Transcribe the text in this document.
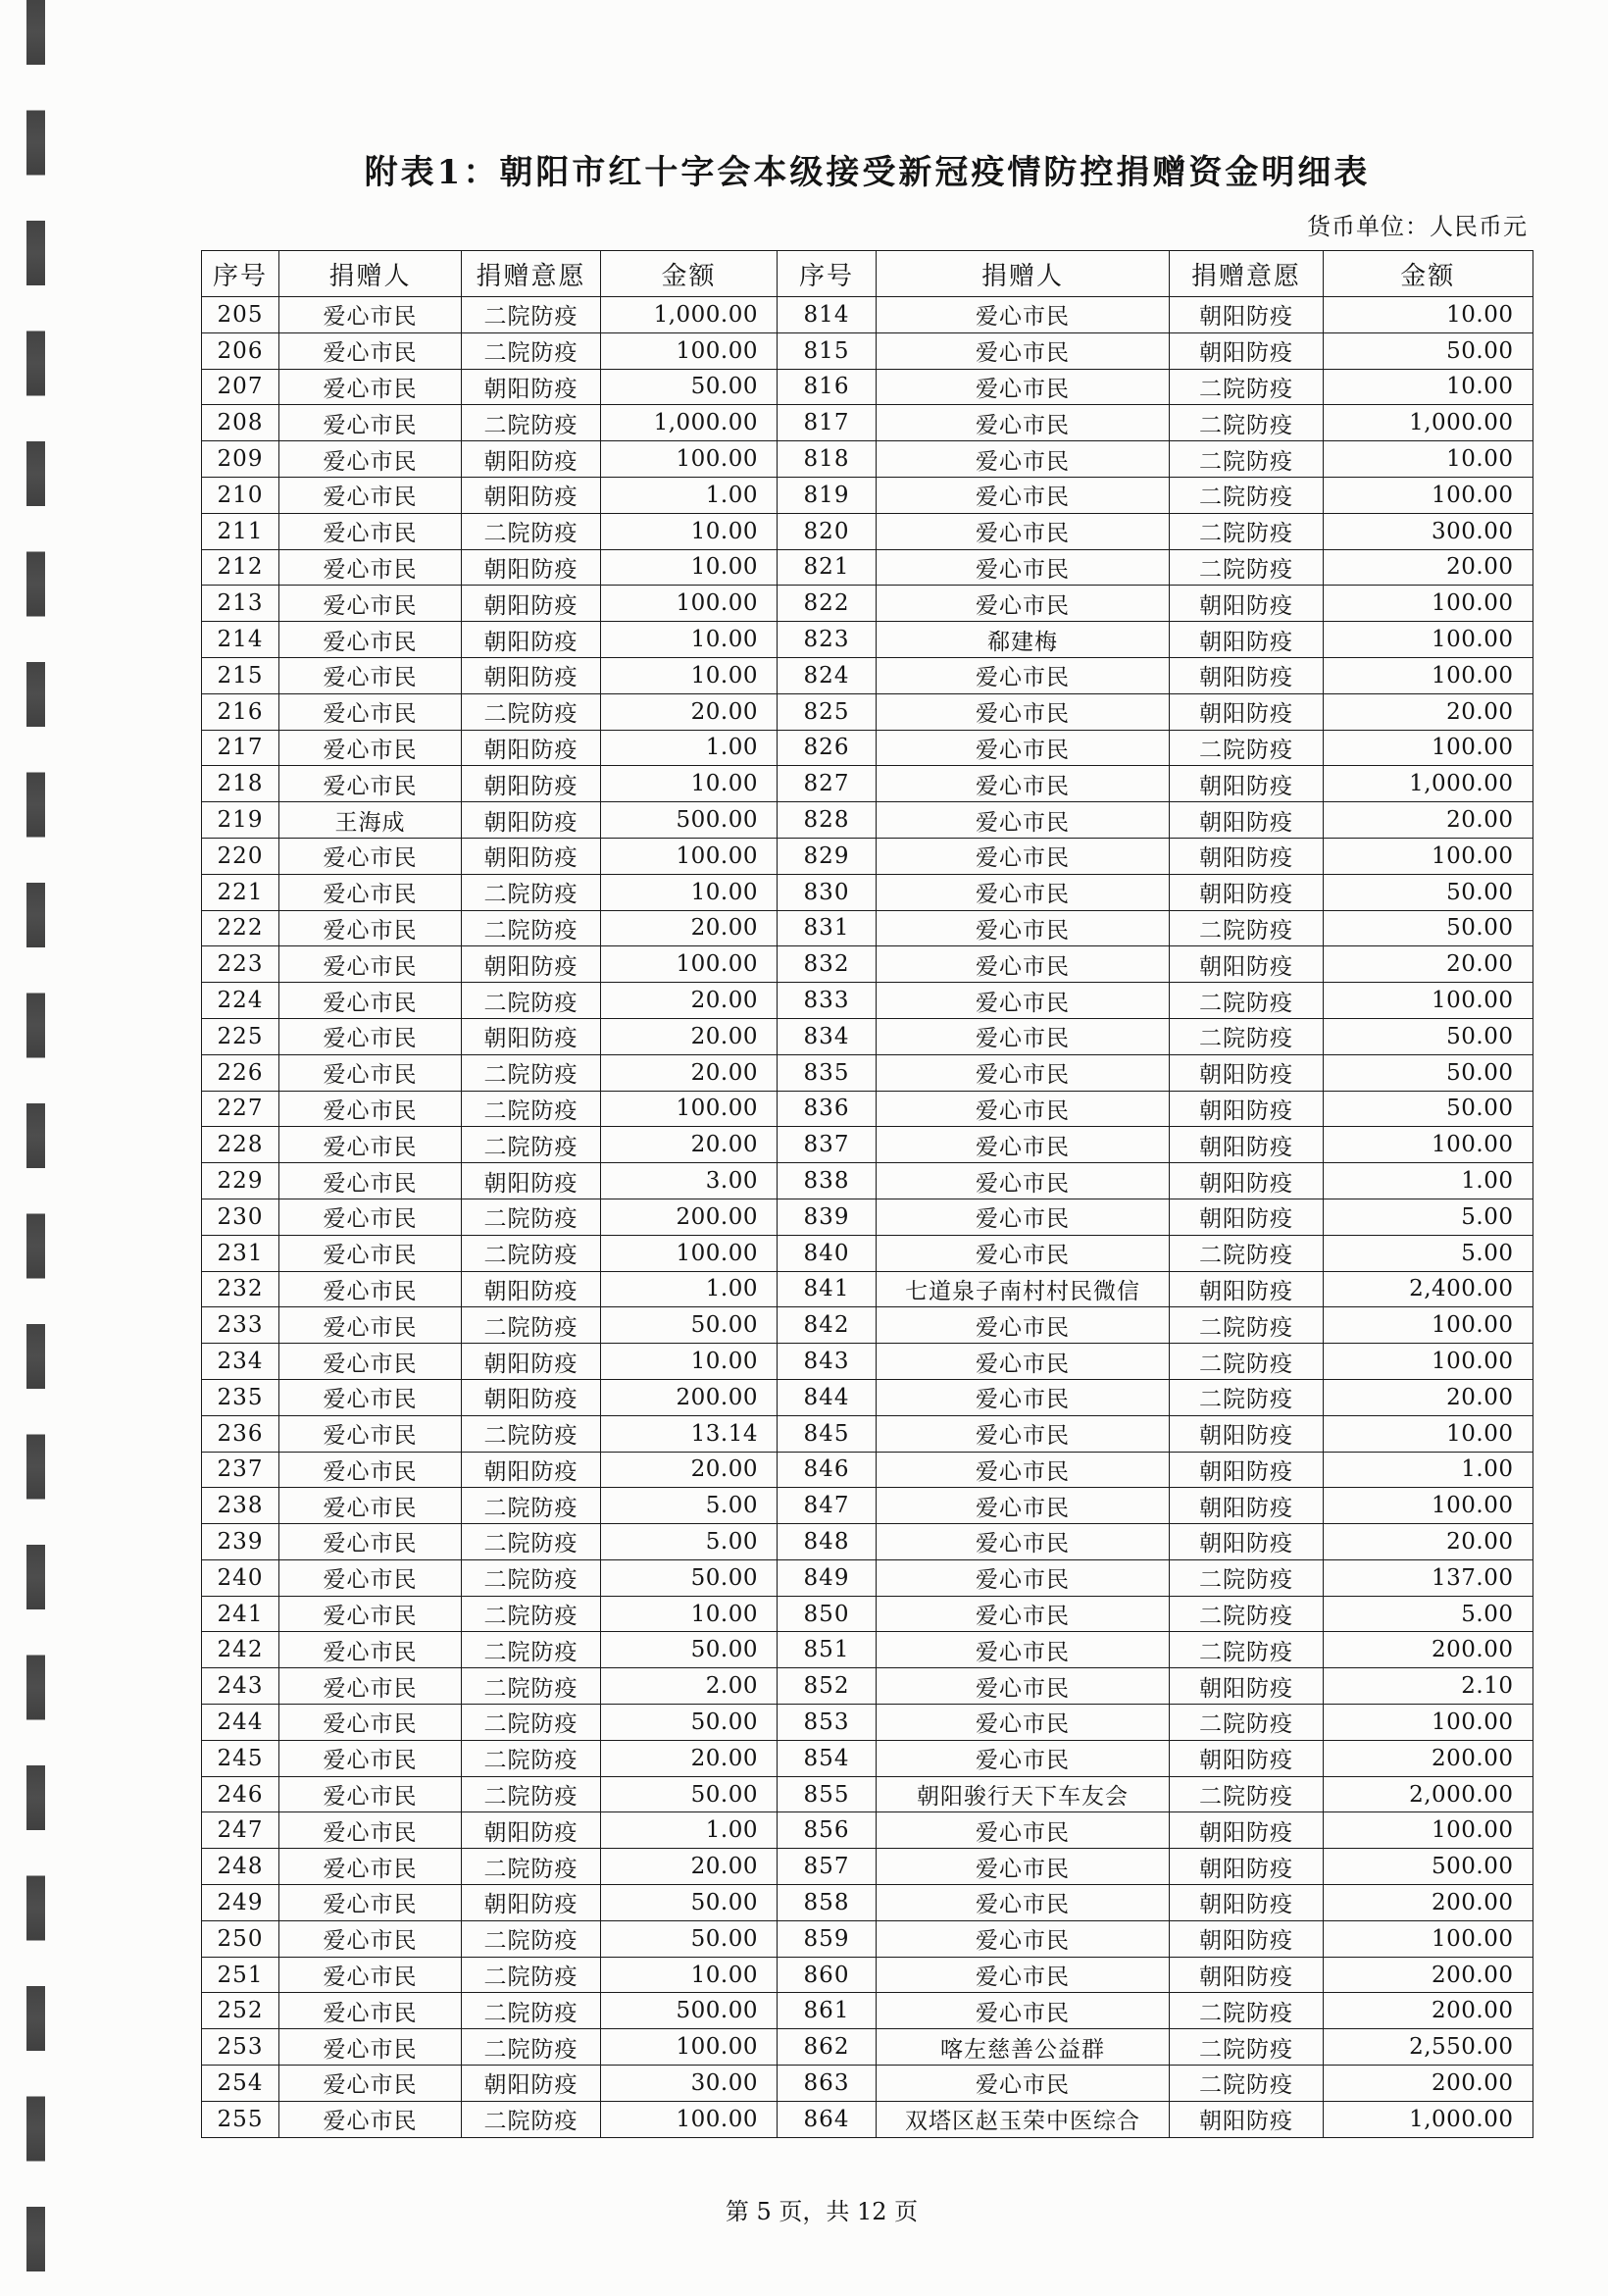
附表1：朝阳市红十字会本级接受新冠疫情防控捐赠资金明细表
货币单位：人民币元
序号	捐赠人	捐赠意愿	金额	序号	捐赠人	捐赠意愿	金额
205	爱心市民	二院防疫	1,000.00	814	爱心市民	朝阳防疫	10.00
206	爱心市民	二院防疫	100.00	815	爱心市民	朝阳防疫	50.00
207	爱心市民	朝阳防疫	50.00	816	爱心市民	二院防疫	10.00
208	爱心市民	二院防疫	1,000.00	817	爱心市民	二院防疫	1,000.00
209	爱心市民	朝阳防疫	100.00	818	爱心市民	二院防疫	10.00
210	爱心市民	朝阳防疫	1.00	819	爱心市民	二院防疫	100.00
211	爱心市民	二院防疫	10.00	820	爱心市民	二院防疫	300.00
212	爱心市民	朝阳防疫	10.00	821	爱心市民	二院防疫	20.00
213	爱心市民	朝阳防疫	100.00	822	爱心市民	朝阳防疫	100.00
214	爱心市民	朝阳防疫	10.00	823	郗建梅	朝阳防疫	100.00
215	爱心市民	朝阳防疫	10.00	824	爱心市民	朝阳防疫	100.00
216	爱心市民	二院防疫	20.00	825	爱心市民	朝阳防疫	20.00
217	爱心市民	朝阳防疫	1.00	826	爱心市民	二院防疫	100.00
218	爱心市民	朝阳防疫	10.00	827	爱心市民	朝阳防疫	1,000.00
219	王海成	朝阳防疫	500.00	828	爱心市民	朝阳防疫	20.00
220	爱心市民	朝阳防疫	100.00	829	爱心市民	朝阳防疫	100.00
221	爱心市民	二院防疫	10.00	830	爱心市民	朝阳防疫	50.00
222	爱心市民	二院防疫	20.00	831	爱心市民	二院防疫	50.00
223	爱心市民	朝阳防疫	100.00	832	爱心市民	朝阳防疫	20.00
224	爱心市民	二院防疫	20.00	833	爱心市民	二院防疫	100.00
225	爱心市民	朝阳防疫	20.00	834	爱心市民	二院防疫	50.00
226	爱心市民	二院防疫	20.00	835	爱心市民	朝阳防疫	50.00
227	爱心市民	二院防疫	100.00	836	爱心市民	朝阳防疫	50.00
228	爱心市民	二院防疫	20.00	837	爱心市民	朝阳防疫	100.00
229	爱心市民	朝阳防疫	3.00	838	爱心市民	朝阳防疫	1.00
230	爱心市民	二院防疫	200.00	839	爱心市民	朝阳防疫	5.00
231	爱心市民	二院防疫	100.00	840	爱心市民	二院防疫	5.00
232	爱心市民	朝阳防疫	1.00	841	七道泉子南村村民微信	朝阳防疫	2,400.00
233	爱心市民	二院防疫	50.00	842	爱心市民	二院防疫	100.00
234	爱心市民	朝阳防疫	10.00	843	爱心市民	二院防疫	100.00
235	爱心市民	朝阳防疫	200.00	844	爱心市民	二院防疫	20.00
236	爱心市民	二院防疫	13.14	845	爱心市民	朝阳防疫	10.00
237	爱心市民	朝阳防疫	20.00	846	爱心市民	朝阳防疫	1.00
238	爱心市民	二院防疫	5.00	847	爱心市民	朝阳防疫	100.00
239	爱心市民	二院防疫	5.00	848	爱心市民	朝阳防疫	20.00
240	爱心市民	二院防疫	50.00	849	爱心市民	二院防疫	137.00
241	爱心市民	二院防疫	10.00	850	爱心市民	二院防疫	5.00
242	爱心市民	二院防疫	50.00	851	爱心市民	二院防疫	200.00
243	爱心市民	二院防疫	2.00	852	爱心市民	朝阳防疫	2.10
244	爱心市民	二院防疫	50.00	853	爱心市民	二院防疫	100.00
245	爱心市民	二院防疫	20.00	854	爱心市民	朝阳防疫	200.00
246	爱心市民	二院防疫	50.00	855	朝阳骏行天下车友会	二院防疫	2,000.00
247	爱心市民	朝阳防疫	1.00	856	爱心市民	朝阳防疫	100.00
248	爱心市民	二院防疫	20.00	857	爱心市民	朝阳防疫	500.00
249	爱心市民	朝阳防疫	50.00	858	爱心市民	朝阳防疫	200.00
250	爱心市民	二院防疫	50.00	859	爱心市民	朝阳防疫	100.00
251	爱心市民	二院防疫	10.00	860	爱心市民	朝阳防疫	200.00
252	爱心市民	二院防疫	500.00	861	爱心市民	二院防疫	200.00
253	爱心市民	二院防疫	100.00	862	喀左慈善公益群	二院防疫	2,550.00
254	爱心市民	朝阳防疫	30.00	863	爱心市民	二院防疫	200.00
255	爱心市民	二院防疫	100.00	864	双塔区赵玉荣中医综合	朝阳防疫	1,000.00
第 5 页，共 12 页
